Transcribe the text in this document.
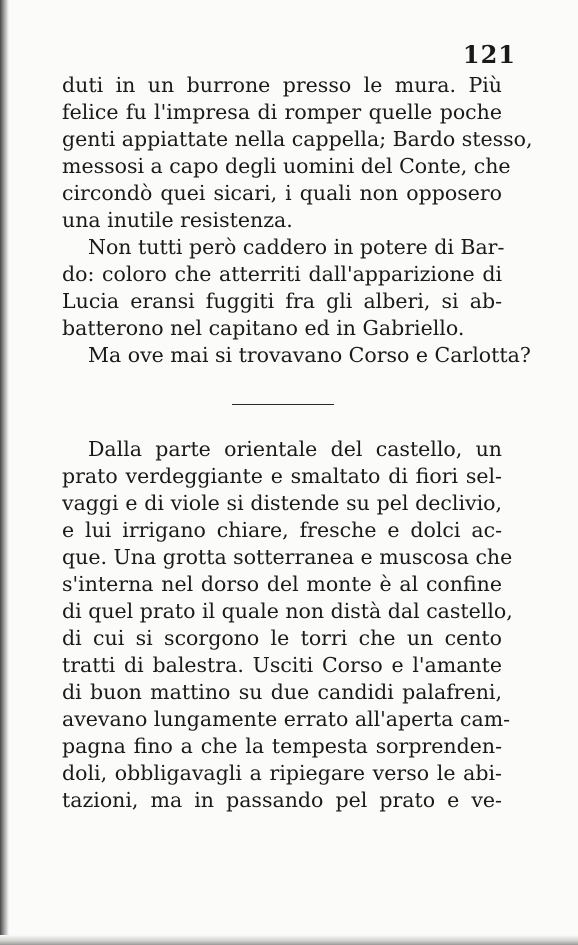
121
duti in un burrone presso le mura. Più
felice fu l'impresa di romper quelle poche
genti appiattate nella cappella; Bardo stesso,
messosi a capo degli uomini del Conte, che
circondò quei sicari, i quali non opposero
una inutile resistenza.
Non tutti però caddero in potere di Bar-
do: coloro che atterriti dall'apparizione di
Lucia eransi fuggiti fra gli alberi, si ab-
batterono nel capitano ed in Gabriello.
Ma ove mai si trovavano Corso e Carlotta?
Dalla parte orientale del castello, un
prato verdeggiante e smaltato di fiori sel-
vaggi e di viole si distende su pel declivio,
e lui irrigano chiare, fresche e dolci ac-
que. Una grotta sotterranea e muscosa che
s'interna nel dorso del monte è al confine
di quel prato il quale non distà dal castello,
di cui si scorgono le torri che un cento
tratti di balestra. Usciti Corso e l'amante
di buon mattino su due candidi palafreni,
avevano lungamente errato all'aperta cam-
pagna fino a che la tempesta sorprenden-
doli, obbligavagli a ripiegare verso le abi-
tazioni, ma in passando pel prato e ve-
